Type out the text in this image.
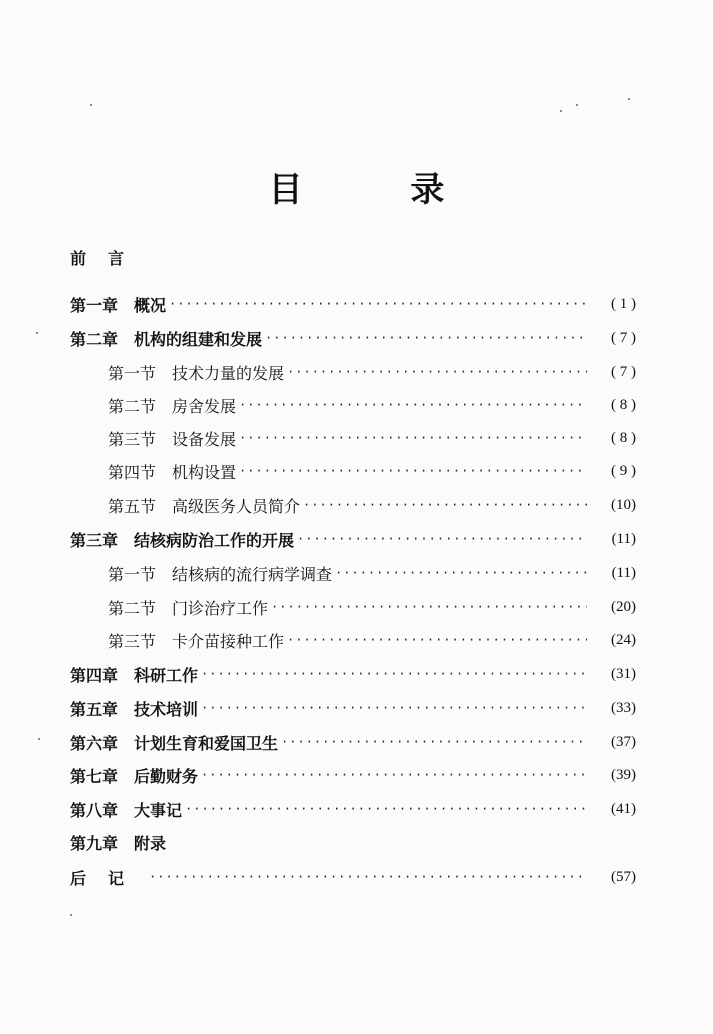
目 录
前言
第一章 概况 ·····	( 1 )
第二章 机构的组建和发展 ·····	( 7 )
第一节 技术力量的发展 ·····	( 7 )
第二节 房舍发展 ·····	( 8 )
第三节 设备发展 ·····	( 8 )
第四节 机构设置 ·····	( 9 )
第五节 高级医务人员简介 ·····	(10)
第三章 结核病防治工作的开展 ·····	(11)
第一节 结核病的流行病学调查 ·····	(11)
第二节 门诊治疗工作 ·····	(20)
第三节 卡介苗接种工作 ·····	(24)
第四章 科研工作 ·····	(31)
第五章 技术培训 ·····	(33)
第六章 计划生育和爱国卫生 ·····	(37)
第七章 后勤财务 ·····	(39)
第八章 大事记 ·····	(41)
第九章 附录
后记 ·····	(57)
